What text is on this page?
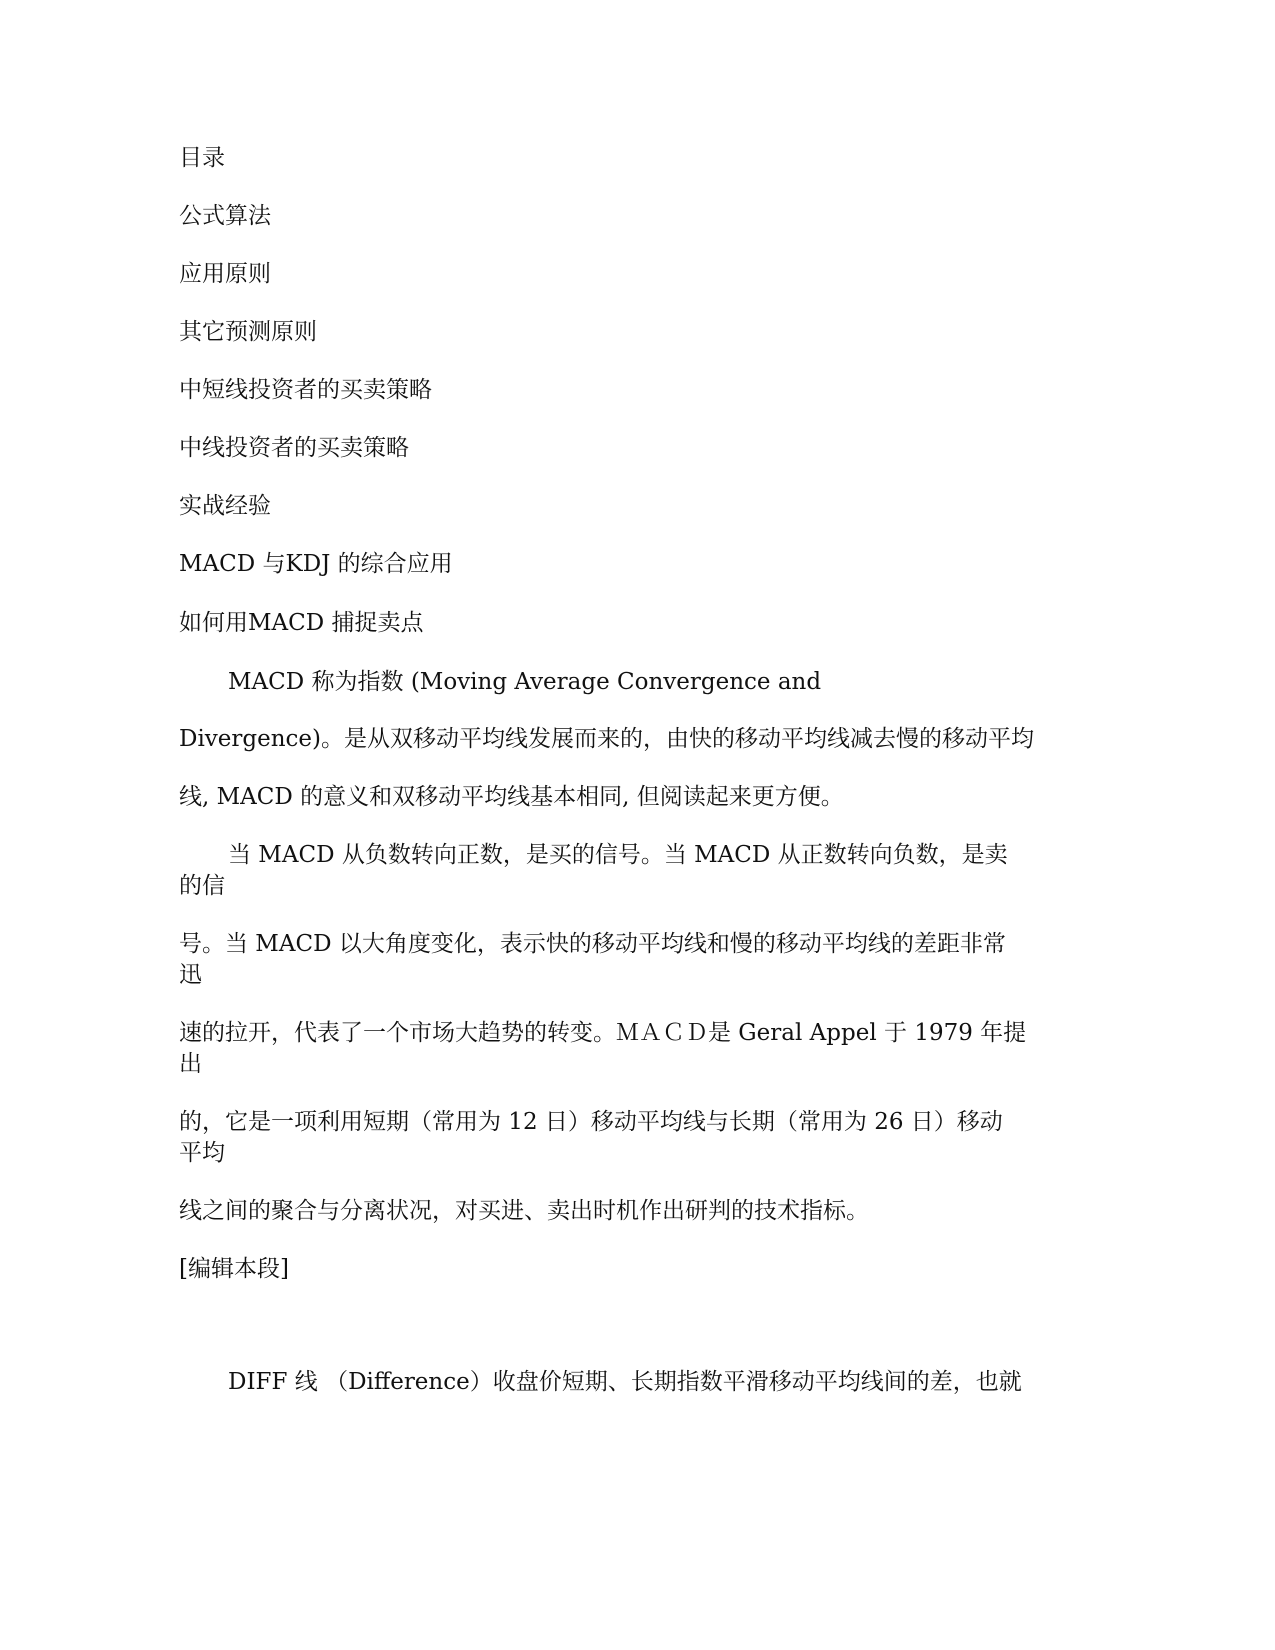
目录
公式算法
应用原则
其它预测原则
中短线投资者的买卖策略
中线投资者的买卖策略
实战经验
MACD 与KDJ 的综合应用
如何用MACD 捕捉卖点
MACD 称为指数 (Moving Average Convergence and
Divergence)。是从双移动平均线发展而来的，由快的移动平均线减去慢的移动平均
线, MACD 的意义和双移动平均线基本相同, 但阅读起来更方便。
当 MACD 从负数转向正数，是买的信号。当 MACD 从正数转向负数，是卖
的信
号。当 MACD 以大角度变化，表示快的移动平均线和慢的移动平均线的差距非常
迅
速的拉开，代表了一个市场大趋势的转变。ＭＡＣＤ是 Geral Appel 于 1979 年提
出
的，它是一项利用短期（常用为 12 日）移动平均线与长期（常用为 26 日）移动
平均
线之间的聚合与分离状况，对买进、卖出时机作出研判的技术指标。
[编辑本段]
DIFF 线 （Difference）收盘价短期、长期指数平滑移动平均线间的差，也就
